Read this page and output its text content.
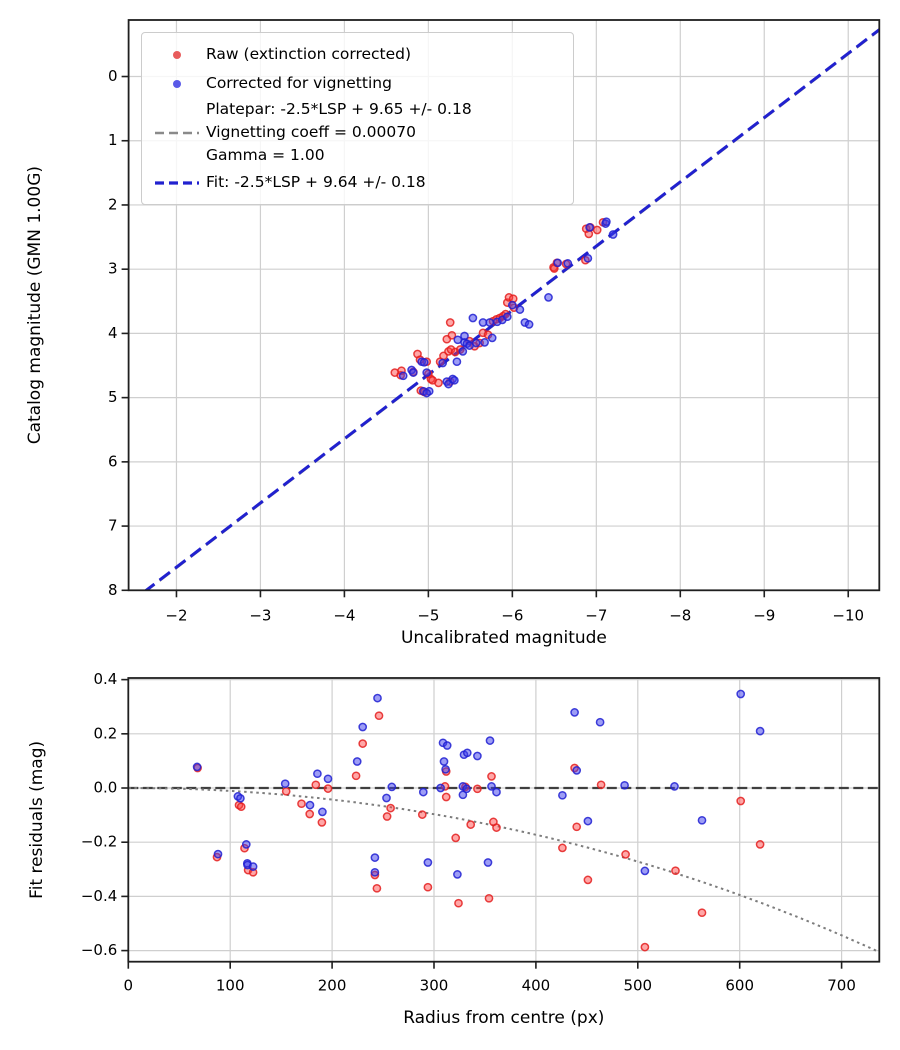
−2	−3	−4	−5	−6	−7	−8	−9	−10
0
1
2
3
4
5
6
7
8
Uncalibrated magnitude
Catalog magnitude (GMN 1.00G)
0	100	200	300	400	500	600	700
0.4
0.2
0.0
−0.2
−0.4
−0.6
Radius from centre (px)
Fit residuals (mag)
Raw (extinction corrected)
Corrected for vignetting
Platepar: -2.5*LSP + 9.65 +/- 0.18
Vignetting coeff = 0.00070
Gamma = 1.00
Fit: -2.5*LSP + 9.64 +/- 0.18
